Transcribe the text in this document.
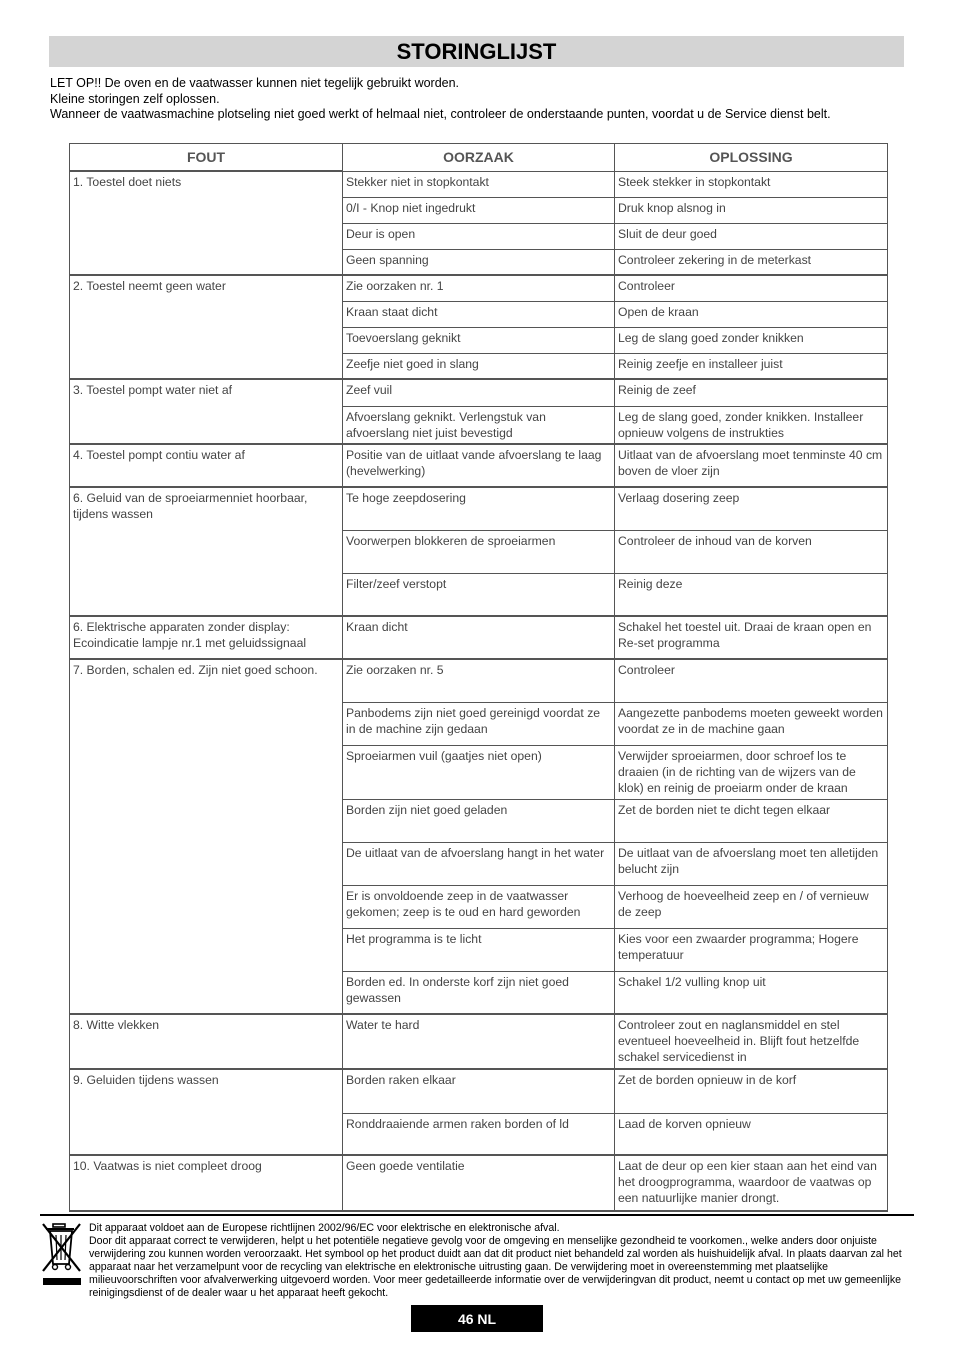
STORINGLIJST

LET OP!! De oven en de vaatwasser kunnen niet tegelijk gebruikt worden.

Kleine storingen zelf oplossen.

Wanneer de vaatwasmachine plotseling niet goed werkt of helmaal niet, controleer de onderstaande punten, voordat u de Service dienst belt.

FOUT	OORZAAK	OPLOSSING
1. Toestel doet niets	Stekker niet in stopkontakt	Steek stekker in stopkontakt
	0/I - Knop niet ingedrukt	Druk knop alsnog in
	Deur is open	Sluit de deur goed
	Geen spanning	Controleer zekering in de meterkast
2. Toestel neemt geen water	Zie oorzaken nr. 1	Controleer
	Kraan staat dicht	Open de kraan
	Toevoerslang geknikt	Leg de slang goed zonder knikken
	Zeefje niet goed in slang	Reinig zeefje en installeer juist
3. Toestel pompt water niet af	Zeef vuil	Reinig de zeef
	Afvoerslang geknikt. Verlengstuk van afvoerslang niet juist bevestigd	Leg de slang goed, zonder knikken. Installeer opnieuw volgens de instrukties
4. Toestel pompt contiu water af	Positie van de uitlaat vande afvoerslang te laag (hevelwerking)	Uitlaat van de afvoerslang moet tenminste 40 cm boven de vloer zijn
6. Geluid van de sproeiarmenniet hoorbaar, tijdens wassen	Te hoge zeepdosering	Verlaag dosering zeep
	Voorwerpen blokkeren de sproeiarmen	Controleer de inhoud van de korven
	Filter/zeef verstopt	Reinig deze
6. Elektrische apparaten zonder display: Ecoindicatie lampje nr.1 met geluidssignaal	Kraan dicht	Schakel het toestel uit. Draai de kraan open en Re-set programma
7. Borden, schalen ed. Zijn niet goed schoon.	Zie oorzaken nr. 5	Controleer
	Panbodems zijn niet goed gereinigd voordat ze in de machine zijn gedaan	Aangezette panbodems moeten geweekt worden voordat ze in de machine gaan
	Sproeiarmen vuil (gaatjes niet open)	Verwijder sproeiarmen, door schroef los te draaien (in de richting van de wijzers van de klok) en reinig de proeiarm onder de kraan
	Borden zijn niet goed geladen	Zet de borden niet te dicht tegen elkaar
	De uitlaat van de afvoerslang hangt in het water	De uitlaat van de afvoerslang moet ten alletijden belucht zijn
	Er is onvoldoende zeep in de vaatwasser gekomen; zeep is te oud en hard geworden	Verhoog de hoeveelheid zeep en / of vernieuw de zeep
	Het programma is te licht	Kies voor een zwaarder programma; Hogere temperatuur
	Borden ed. In onderste korf zijn niet goed gewassen	Schakel 1/2 vulling knop uit
8. Witte vlekken	Water te hard	Controleer zout en naglansmiddel en stel eventueel hoeveelheid in. Blijft fout hetzelfde schakel servicedienst in
9. Geluiden tijdens wassen	Borden raken elkaar	Zet de borden opnieuw in de korf
	Ronddraaiende armen raken borden of ld	Laad de korven opnieuw
10. Vaatwas is niet compleet droog	Geen goede ventilatie	Laat de deur op een kier staan aan het eind van het droogprogramma, waardoor de vaatwas op een natuurlijke manier drongt.

Dit apparaat voldoet aan de Europese richtlijnen 2002/96/EC voor elektrische en elektronische afval.

Door dit apparaat correct te verwijderen, helpt u het potentiële negatieve gevolg voor de omgeving en menselijke gezondheid te voorkomen., welke anders door onjuiste verwijdering zou kunnen worden veroorzaakt. Het symbool op het product duidt aan dat dit product niet behandeld zal worden als huishuidelijk afval. In plaats daarvan zal het apparaat naar het verzamelpunt voor de recycling van elektrische en elektronische uitrusting gaan. De verwijdering moet in overeenstemming met plaatselijke milieuvoorschriften voor afvalverwerking uitgevoerd worden. Voor meer gedetailleerde informatie over de verwijderingvan dit product, neemt u contact op met uw gemeenlijke reinigingsdienst of de dealer waar u het apparaat heeft gekocht.

46 NL
